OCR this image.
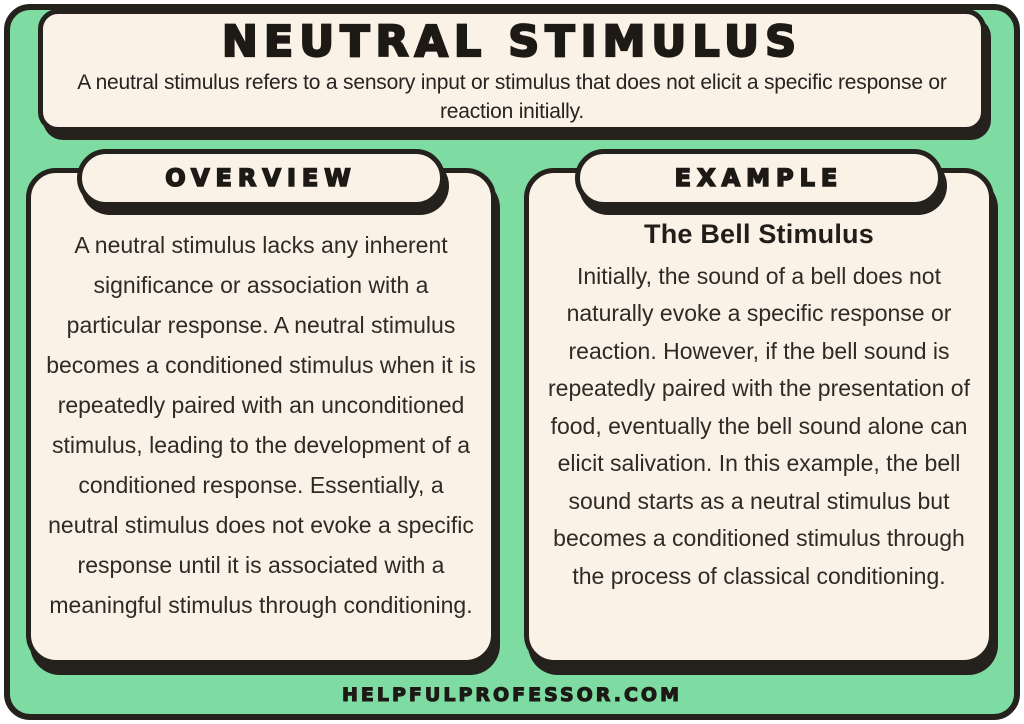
NEUTRAL STIMULUS

A neutral stimulus refers to a sensory input or stimulus that does not elicit a specific response or reaction initially.

OVERVIEW

A neutral stimulus lacks any inherent significance or association with a particular response. A neutral stimulus becomes a conditioned stimulus when it is repeatedly paired with an unconditioned stimulus, leading to the development of a conditioned response. Essentially, a neutral stimulus does not evoke a specific response until it is associated with a meaningful stimulus through conditioning.

EXAMPLE
The Bell Stimulus

Initially, the sound of a bell does not naturally evoke a specific response or reaction. However, if the bell sound is repeatedly paired with the presentation of food, eventually the bell sound alone can elicit salivation. In this example, the bell sound starts as a neutral stimulus but becomes a conditioned stimulus through the process of classical conditioning.

HELPFULPROFESSOR.COM
